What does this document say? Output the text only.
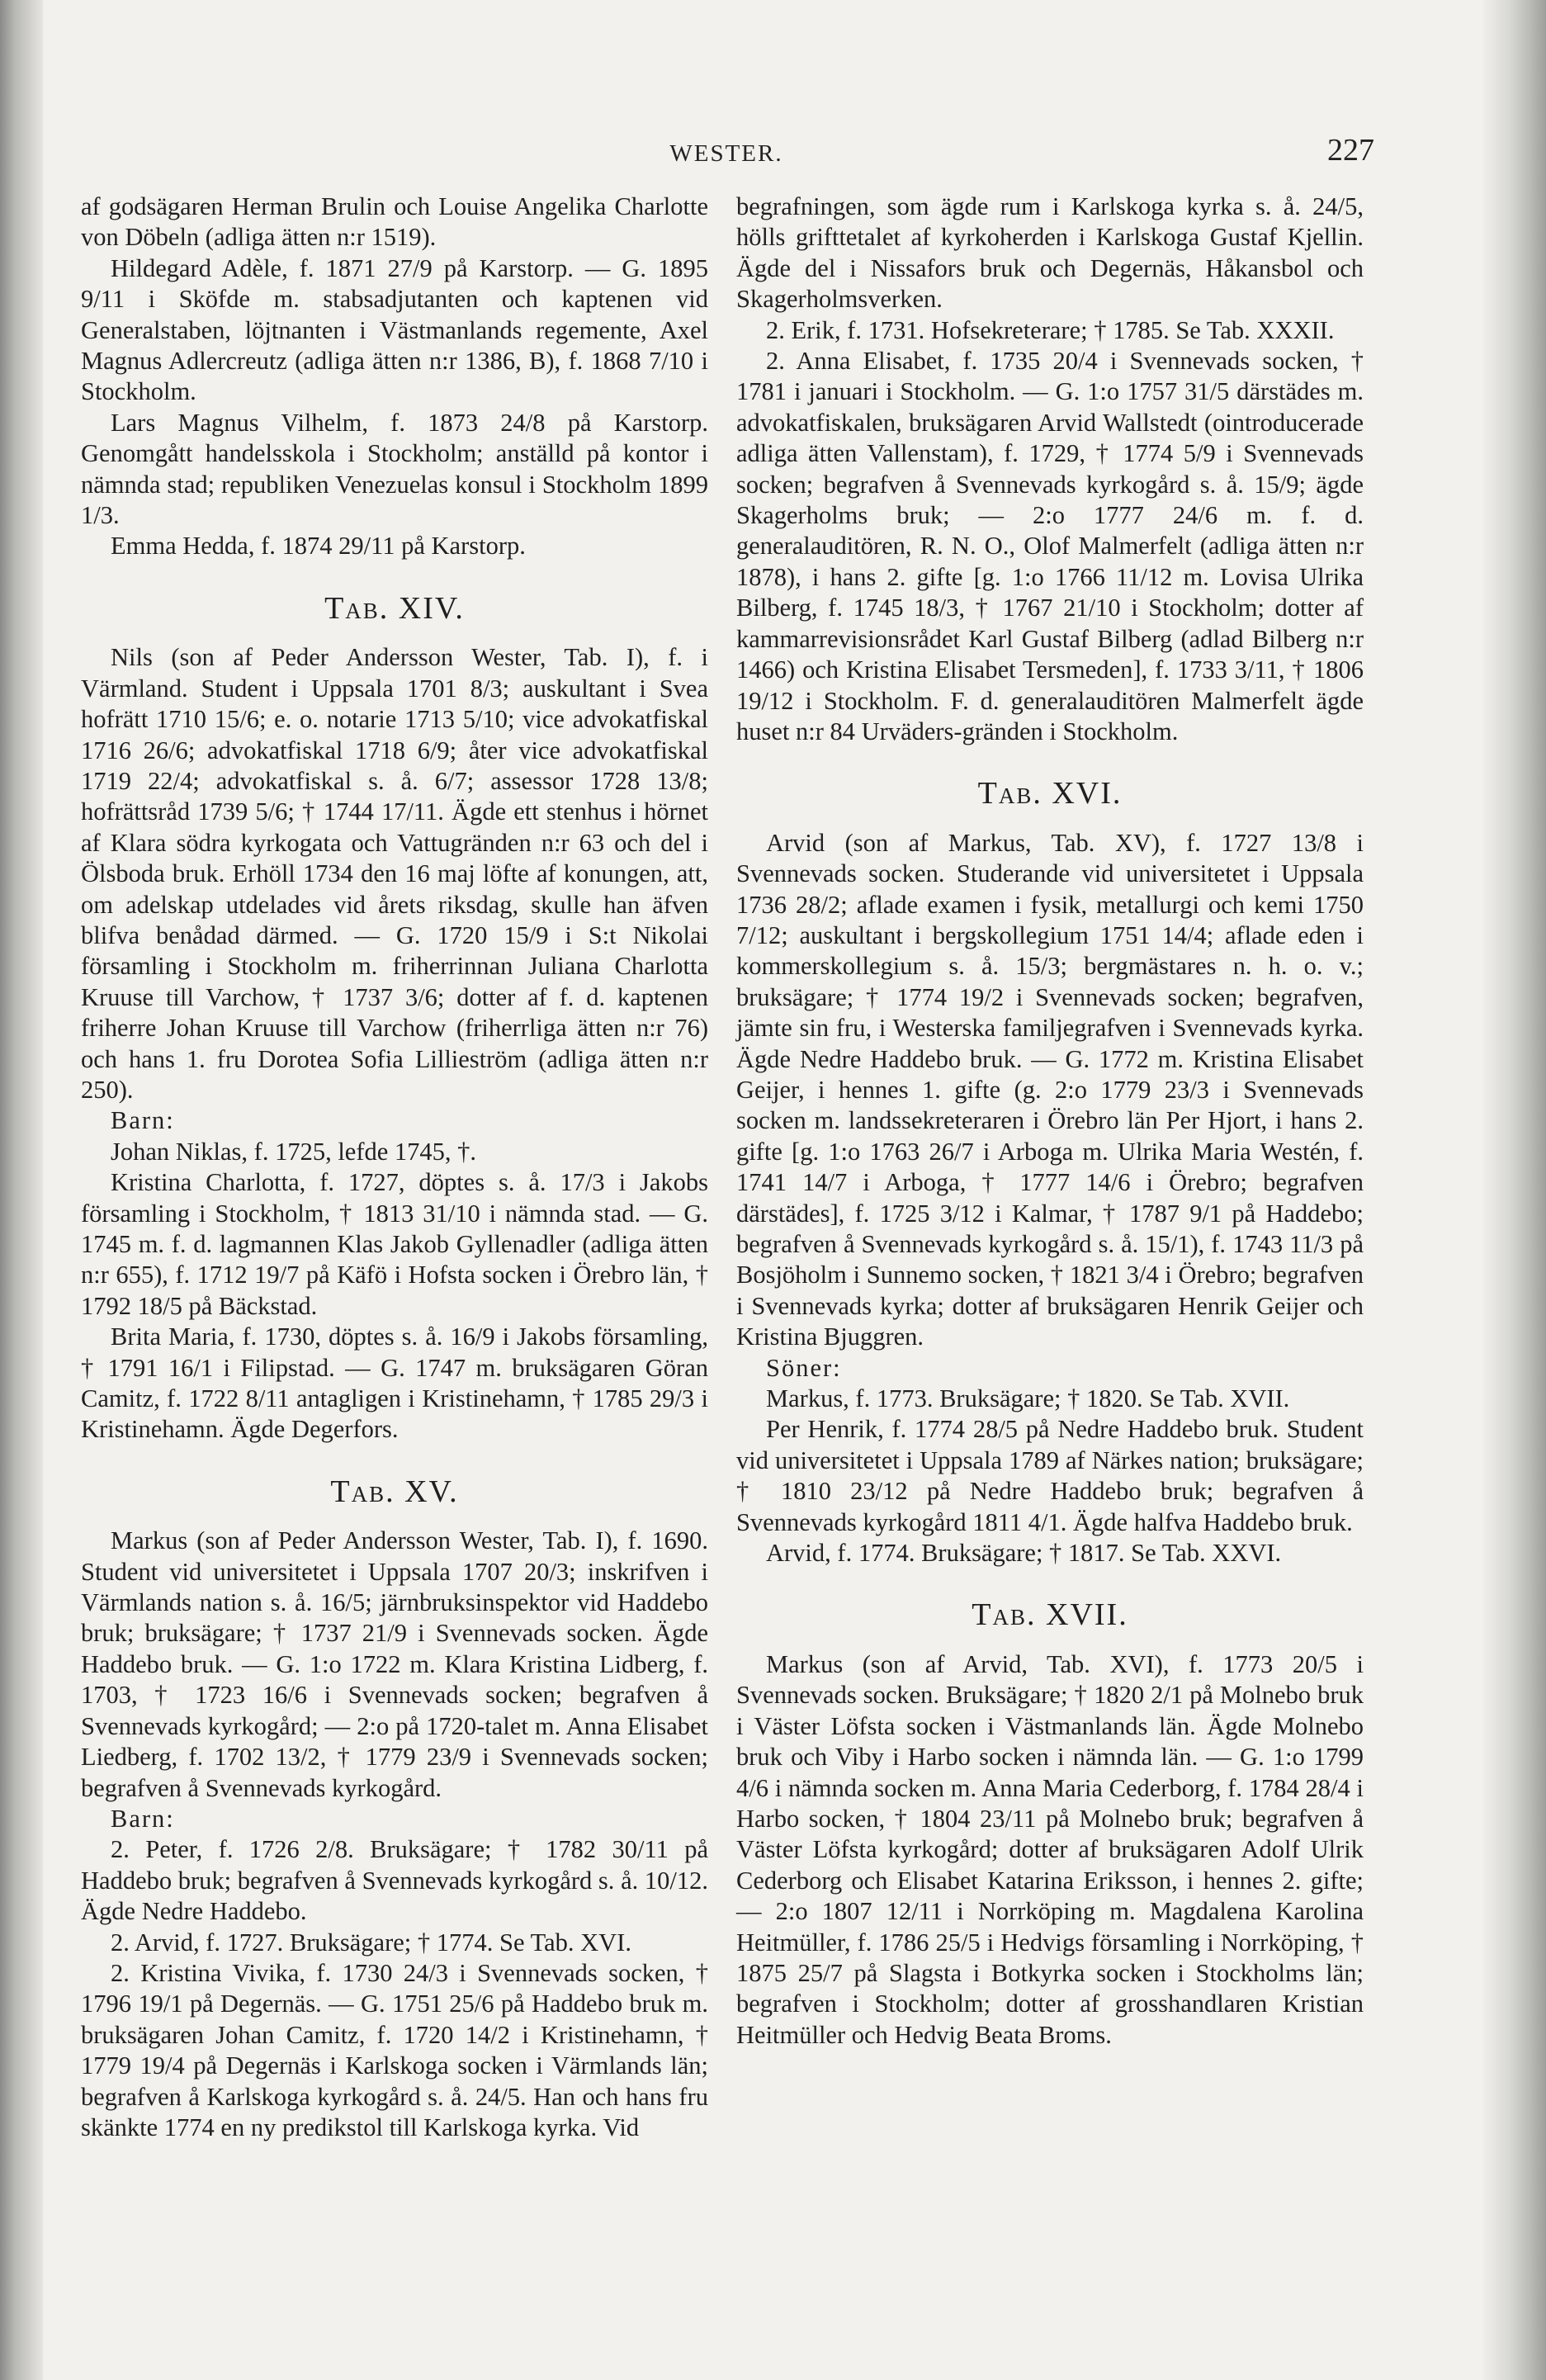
WESTER.	227

af godsägaren Herman Brulin och Louise Angelika Charlotte von Döbeln (adliga ätten n:r 1519).

Hildegard Adèle, f. 1871 27/9 på Karstorp. — G. 1895 9/11 i Sköfde m. stabsadjutanten och kaptenen vid Generalstaben, löjtnanten i Västmanlands regemente, Axel Magnus Adlercreutz (adliga ätten n:r 1386, B), f. 1868 7/10 i Stockholm.

Lars Magnus Vilhelm, f. 1873 24/8 på Karstorp. Genomgått handelsskola i Stockholm; anställd på kontor i nämnda stad; republiken Venezuelas konsul i Stockholm 1899 1/3.

Emma Hedda, f. 1874 29/11 på Karstorp.

Tab. XIV.

Nils (son af Peder Andersson Wester, Tab. I), f. i Värmland. Student i Uppsala 1701 8/3; auskultant i Svea hofrätt 1710 15/6; e. o. notarie 1713 5/10; vice advokatfiskal 1716 26/6; advokatfiskal 1718 6/9; åter vice advokatfiskal 1719 22/4; advokatfiskal s. å. 6/7; assessor 1728 13/8; hofrättsråd 1739 5/6; † 1744 17/11. Ägde ett stenhus i hörnet af Klara södra kyrkogata och Vattugränden n:r 63 och del i Ölsboda bruk. Erhöll 1734 den 16 maj löfte af konungen, att, om adelskap utdelades vid årets riksdag, skulle han äfven blifva benådad därmed. — G. 1720 15/9 i S:t Nikolai församling i Stockholm m. friherrinnan Juliana Charlotta Kruuse till Varchow, † 1737 3/6; dotter af f. d. kaptenen friherre Johan Kruuse till Varchow (friherrliga ätten n:r 76) och hans 1. fru Dorotea Sofia Lillieström (adliga ätten n:r 250).

Barn:

Johan Niklas, f. 1725, lefde 1745, †.

Kristina Charlotta, f. 1727, döptes s. å. 17/3 i Jakobs församling i Stockholm, † 1813 31/10 i nämnda stad. — G. 1745 m. f. d. lagmannen Klas Jakob Gyllenadler (adliga ätten n:r 655), f. 1712 19/7 på Käfö i Hofsta socken i Örebro län, † 1792 18/5 på Bäckstad.

Brita Maria, f. 1730, döptes s. å. 16/9 i Jakobs församling, † 1791 16/1 i Filipstad. — G. 1747 m. bruksägaren Göran Camitz, f. 1722 8/11 antagligen i Kristinehamn, † 1785 29/3 i Kristinehamn. Ägde Degerfors.

Tab. XV.

Markus (son af Peder Andersson Wester, Tab. I), f. 1690. Student vid universitetet i Uppsala 1707 20/3; inskrifven i Värmlands nation s. å. 16/5; järnbruksinspektor vid Haddebo bruk; bruksägare; † 1737 21/9 i Svennevads socken. Ägde Haddebo bruk. — G. 1:o 1722 m. Klara Kristina Lidberg, f. 1703, † 1723 16/6 i Svennevads socken; begrafven å Svennevads kyrkogård; — 2:o på 1720-talet m. Anna Elisabet Liedberg, f. 1702 13/2, † 1779 23/9 i Svennevads socken; begrafven å Svennevads kyrkogård.

Barn:

2. Peter, f. 1726 2/8. Bruksägare; † 1782 30/11 på Haddebo bruk; begrafven å Svennevads kyrkogård s. å. 10/12. Ägde Nedre Haddebo.

2. Arvid, f. 1727. Bruksägare; † 1774. Se Tab. XVI.

2. Kristina Vivika, f. 1730 24/3 i Svennevads socken, † 1796 19/1 på Degernäs. — G. 1751 25/6 på Haddebo bruk m. bruksägaren Johan Camitz, f. 1720 14/2 i Kristinehamn, † 1779 19/4 på Degernäs i Karlskoga socken i Värmlands län; begrafven å Karlskoga kyrkogård s. å. 24/5. Han och hans fru skänkte 1774 en ny predikstol till Karlskoga kyrka. Vid

begrafningen, som ägde rum i Karlskoga kyrka s. å. 24/5, hölls grifttetalet af kyrkoherden i Karlskoga Gustaf Kjellin. Ägde del i Nissafors bruk och Degernäs, Håkansbol och Skagerholmsverken.

2. Erik, f. 1731. Hofsekreterare; † 1785. Se Tab. XXXII.

2. Anna Elisabet, f. 1735 20/4 i Svennevads socken, † 1781 i januari i Stockholm. — G. 1:o 1757 31/5 därstädes m. advokatfiskalen, bruksägaren Arvid Wallstedt (ointroducerade adliga ätten Vallenstam), f. 1729, † 1774 5/9 i Svennevads socken; begrafven å Svennevads kyrkogård s. å. 15/9; ägde Skagerholms bruk; — 2:o 1777 24/6 m. f. d. generalauditören, R. N. O., Olof Malmerfelt (adliga ätten n:r 1878), i hans 2. gifte [g. 1:o 1766 11/12 m. Lovisa Ulrika Bilberg, f. 1745 18/3, † 1767 21/10 i Stockholm; dotter af kammarrevisionsrådet Karl Gustaf Bilberg (adlad Bilberg n:r 1466) och Kristina Elisabet Tersmeden], f. 1733 3/11, † 1806 19/12 i Stockholm. F. d. generalauditören Malmerfelt ägde huset n:r 84 Urväders-gränden i Stockholm.

Tab. XVI.

Arvid (son af Markus, Tab. XV), f. 1727 13/8 i Svennevads socken. Studerande vid universitetet i Uppsala 1736 28/2; aflade examen i fysik, metallurgi och kemi 1750 7/12; auskultant i bergskollegium 1751 14/4; aflade eden i kommerskollegium s. å. 15/3; bergmästares n. h. o. v.; bruksägare; † 1774 19/2 i Svennevads socken; begrafven, jämte sin fru, i Westerska familjegrafven i Svennevads kyrka. Ägde Nedre Haddebo bruk. — G. 1772 m. Kristina Elisabet Geijer, i hennes 1. gifte (g. 2:o 1779 23/3 i Svennevads socken m. landssekreteraren i Örebro län Per Hjort, i hans 2. gifte [g. 1:o 1763 26/7 i Arboga m. Ulrika Maria Westén, f. 1741 14/7 i Arboga, † 1777 14/6 i Örebro; begrafven därstädes], f. 1725 3/12 i Kalmar, † 1787 9/1 på Haddebo; begrafven å Svennevads kyrkogård s. å. 15/1), f. 1743 11/3 på Bosjöholm i Sunnemo socken, † 1821 3/4 i Örebro; begrafven i Svennevads kyrka; dotter af bruksägaren Henrik Geijer och Kristina Bjuggren.

Söner:

Markus, f. 1773. Bruksägare; † 1820. Se Tab. XVII.

Per Henrik, f. 1774 28/5 på Nedre Haddebo bruk. Student vid universitetet i Uppsala 1789 af Närkes nation; bruksägare; † 1810 23/12 på Nedre Haddebo bruk; begrafven å Svennevads kyrkogård 1811 4/1. Ägde halfva Haddebo bruk.

Arvid, f. 1774. Bruksägare; † 1817. Se Tab. XXVI.

Tab. XVII.

Markus (son af Arvid, Tab. XVI), f. 1773 20/5 i Svennevads socken. Bruksägare; † 1820 2/1 på Molnebo bruk i Väster Löfsta socken i Västmanlands län. Ägde Molnebo bruk och Viby i Harbo socken i nämnda län. — G. 1:o 1799 4/6 i nämnda socken m. Anna Maria Cederborg, f. 1784 28/4 i Harbo socken, † 1804 23/11 på Molnebo bruk; begrafven å Väster Löfsta kyrkogård; dotter af bruksägaren Adolf Ulrik Cederborg och Elisabet Katarina Eriksson, i hennes 2. gifte; — 2:o 1807 12/11 i Norrköping m. Magdalena Karolina Heitmüller, f. 1786 25/5 i Hedvigs församling i Norrköping, † 1875 25/7 på Slagsta i Botkyrka socken i Stockholms län; begrafven i Stockholm; dotter af grosshandlaren Kristian Heitmüller och Hedvig Beata Broms.
